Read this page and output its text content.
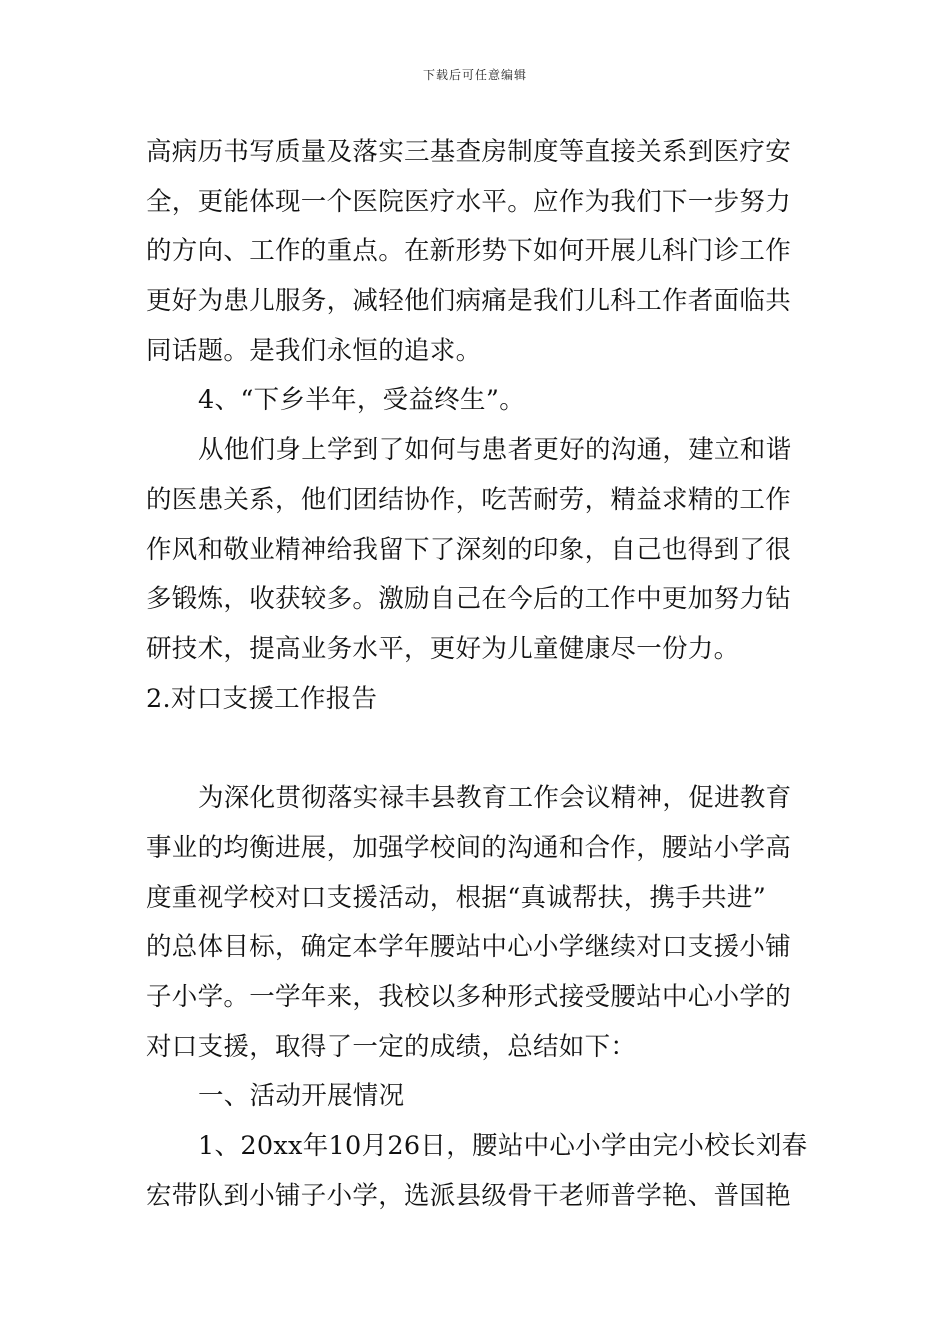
下载后可任意编辑
高病历书写质量及落实三基查房制度等直接关系到医疗安
全，更能体现一个医院医疗水平。应作为我们下一步努力
的方向、工作的重点。在新形势下如何开展儿科门诊工作
更好为患儿服务，减轻他们病痛是我们儿科工作者面临共
同话题。是我们永恒的追求。
4、“下乡半年，受益终生”。
从他们身上学到了如何与患者更好的沟通，建立和谐
的医患关系，他们团结协作，吃苦耐劳，精益求精的工作
作风和敬业精神给我留下了深刻的印象，自己也得到了很
多锻炼，收获较多。激励自己在今后的工作中更加努力钻
研技术，提高业务水平，更好为儿童健康尽一份力。
2.对口支援工作报告
为深化贯彻落实禄丰县教育工作会议精神，促进教育
事业的均衡进展，加强学校间的沟通和合作，腰站小学高
度重视学校对口支援活动，根据“真诚帮扶，携手共进”
的总体目标，确定本学年腰站中心小学继续对口支援小铺
子小学。一学年来，我校以多种形式接受腰站中心小学的
对口支援，取得了一定的成绩，总结如下：
一、活动开展情况
1、20xx年10月26日，腰站中心小学由完小校长刘春
宏带队到小铺子小学，选派县级骨干老师普学艳、普国艳
